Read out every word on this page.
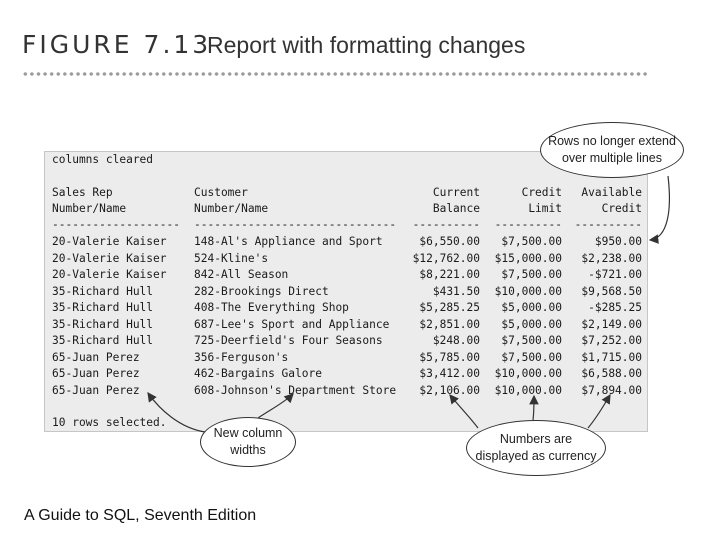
FIGURE 7.13
Report with formatting changes
columns cleared
Sales Rep	Customer	Current	Credit	Available
Number/Name	Number/Name	Balance	Limit	Credit
------------------- ------------------------------	----------	----------	----------
20-Valerie Kaiser 148-Al's Appliance and Sport	$6,550.00	$7,500.00	$950.00
20-Valerie Kaiser 524-Kline's	$12,762.00	$15,000.00	$2,238.00
20-Valerie Kaiser 842-All Season	$8,221.00	$7,500.00	-$721.00
35-Richard Hull	282-Brookings Direct	$431.50	$10,000.00	$9,568.50
35-Richard Hull	408-The Everything Shop	$5,285.25	$5,000.00	-$285.25
35-Richard Hull	687-Lee's Sport and Appliance	$2,851.00	$5,000.00	$2,149.00
35-Richard Hull	725-Deerfield's Four Seasons	$248.00	$7,500.00	$7,252.00
65-Juan Perez	356-Ferguson's	$5,785.00	$7,500.00	$1,715.00
65-Juan Perez	462-Bargains Galore	$3,412.00	$10,000.00	$6,588.00
65-Juan Perez	608-Johnson's Department Store	$2,106.00	$10,000.00	$7,894.00
10 rows selected.
Rows no longer extend over multiple lines
New column widths
Numbers are displayed as currency
A Guide to SQL, Seventh Edition
